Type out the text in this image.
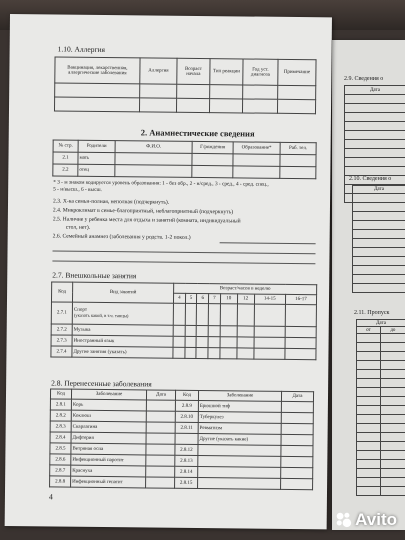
2.9. Сведения о
Дата

2.10. Сведения о
Дата

2.11. Пропуск
Дата	
от	до

1.10. Аллергия
Вакцинация, лекарственная, аллергические заболевания	Аллергия	Возраст начала	Тип реакции	Год уст. диагноза	Примечание

2. Анамнестические сведения
№ стр.	Родители	Ф.И.О.	Г/рождения	Образование*	Раб. тел.
2.1	мать				
2.2	отец				
* 3 - м знаком кодируется уровень образования: 1 - без обр., 2 - н/сред., 3 - сред., 4 - сред. спец.,
5 - н/высш., 6 - высш.
2.3. Х-ка семьи-полная, неполная (подчеркнуть).
2.4. Микроклимат в семье-благоприятный, неблагоприятный (подчеркнуть)
2.5. Наличие у ребенка места для отдыха и занятий (комната, индивидуальный
стол, нет).
2.6. Семейный анамнез (заболевания у родств. 1-2 покол.)
2.7. Внешкольные занятия
Код	Вид занятий	Возраст/часов в неделю							
		4	5	6	7	10	12	14-15	16-17
2.7.1	Спорт
(указать какой, в т.ч. танцы)								
2.7.2	Музыка								
2.7.3	Иностранный язык								
2.7.4	Другие занятия (указать)								
2.8. Перенесенные заболевания
Код	Заболевание	Дата	Код	Заболевание	Дата
2.8.1	Корь		2.8.9	Брюшной тиф	
2.8.2	Коклюш		2.8.10	Туберкулез	
2.8.3	Скарлатина		2.8.11	Ревматизм	
2.8.4	Дифтерия			Другие (указать какие)	
2.8.5	Ветряная оспа		2.8.12		
2.8.6	Инфекционный паротит		2.8.13		
2.8.7	Краснуха		2.8.14		
2.8.8	Инфекционный гепатит		2.8.15		
4
Avito
